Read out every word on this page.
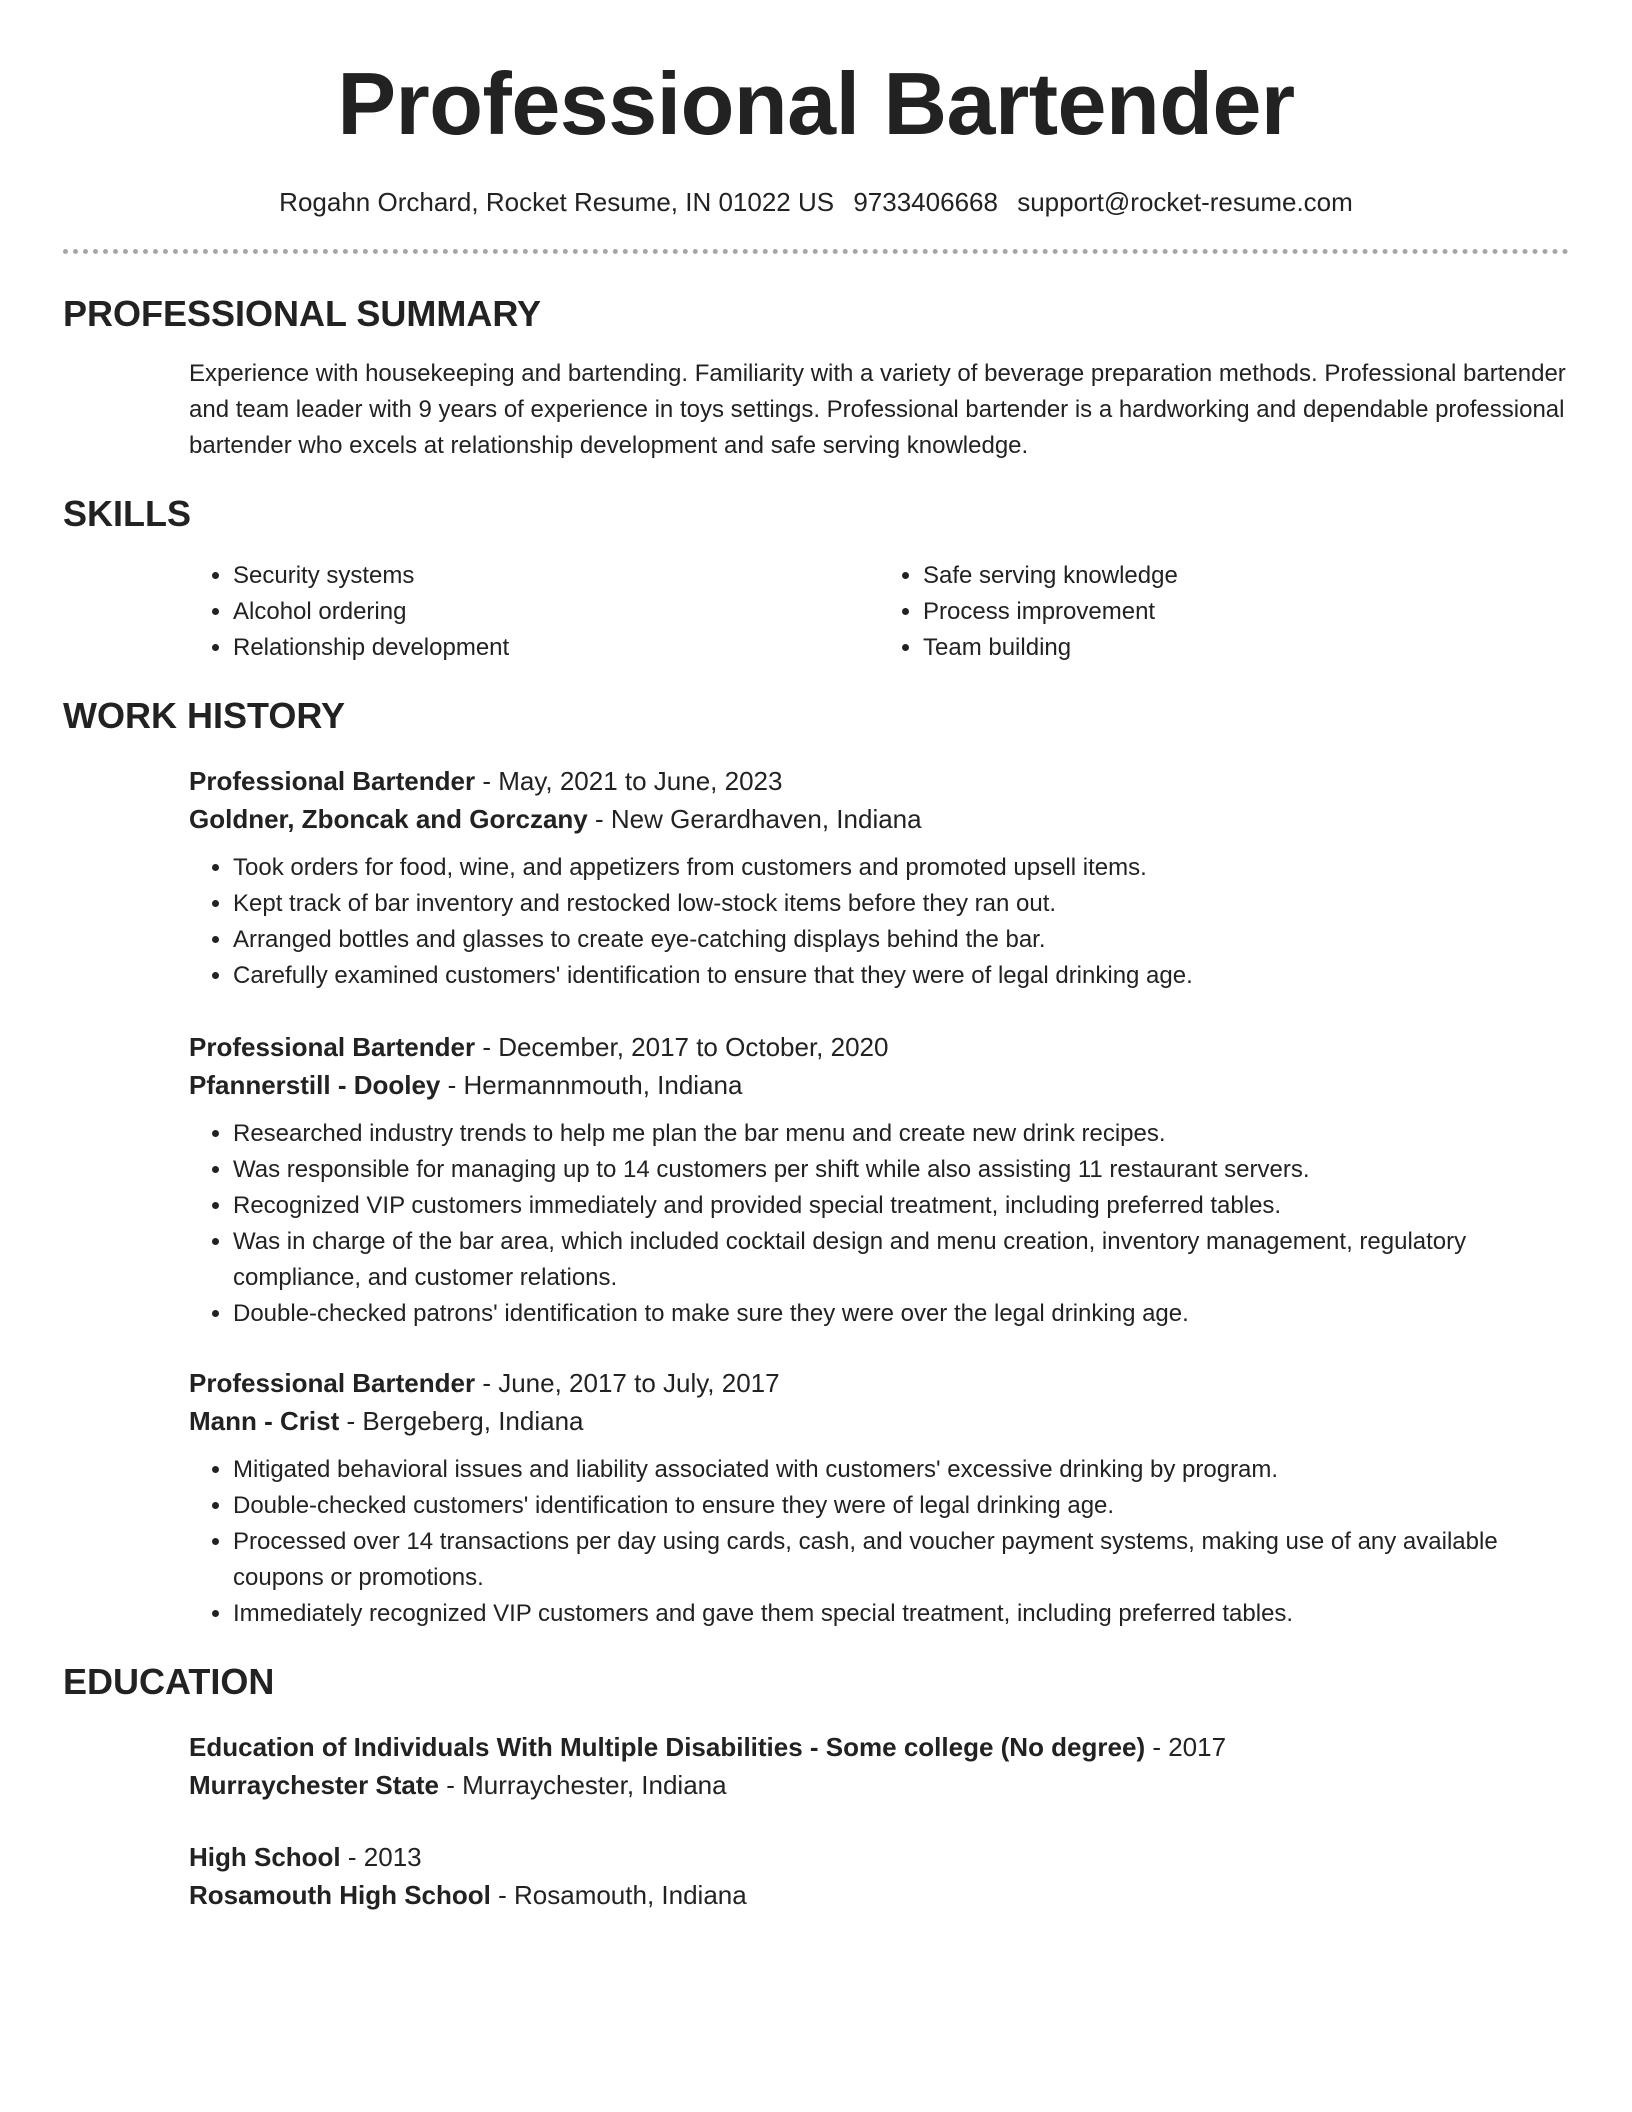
Professional Bartender
Rogahn Orchard, Rocket Resume, IN 01022 US 9733406668 support@rocket-resume.com
PROFESSIONAL SUMMARY
Experience with housekeeping and bartending. Familiarity with a variety of beverage preparation methods. Professional bartender and team leader with 9 years of experience in toys settings. Professional bartender is a hardworking and dependable professional bartender who excels at relationship development and safe serving knowledge.
SKILLS
• Security systems
• Alcohol ordering
• Relationship development
• Safe serving knowledge
• Process improvement
• Team building
WORK HISTORY
Professional Bartender - May, 2021 to June, 2023
Goldner, Zboncak and Gorczany - New Gerardhaven, Indiana
• Took orders for food, wine, and appetizers from customers and promoted upsell items.
• Kept track of bar inventory and restocked low-stock items before they ran out.
• Arranged bottles and glasses to create eye-catching displays behind the bar.
• Carefully examined customers' identification to ensure that they were of legal drinking age.
Professional Bartender - December, 2017 to October, 2020
Pfannerstill - Dooley - Hermannmouth, Indiana
• Researched industry trends to help me plan the bar menu and create new drink recipes.
• Was responsible for managing up to 14 customers per shift while also assisting 11 restaurant servers.
• Recognized VIP customers immediately and provided special treatment, including preferred tables.
• Was in charge of the bar area, which included cocktail design and menu creation, inventory management, regulatory compliance, and customer relations.
• Double-checked patrons' identification to make sure they were over the legal drinking age.
Professional Bartender - June, 2017 to July, 2017
Mann - Crist - Bergeberg, Indiana
• Mitigated behavioral issues and liability associated with customers' excessive drinking by program.
• Double-checked customers' identification to ensure they were of legal drinking age.
• Processed over 14 transactions per day using cards, cash, and voucher payment systems, making use of any available coupons or promotions.
• Immediately recognized VIP customers and gave them special treatment, including preferred tables.
EDUCATION
Education of Individuals With Multiple Disabilities - Some college (No degree) - 2017
Murraychester State - Murraychester, Indiana
High School - 2013
Rosamouth High School - Rosamouth, Indiana
